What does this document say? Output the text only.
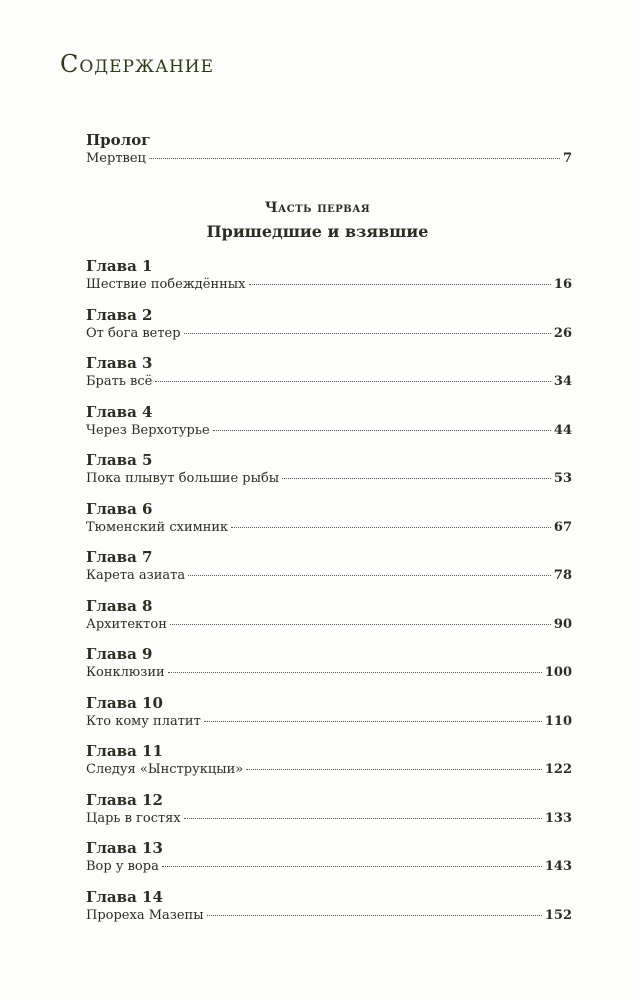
Содержание
Пролог
Мертвец	7
Часть первая
Пришедшие и взявшие
Глава 1
Шествие побеждённых	16
Глава 2
От бога ветер	26
Глава 3
Брать всё	34
Глава 4
Через Верхотурье	44
Глава 5
Пока плывут большие рыбы	53
Глава 6
Тюменский схимник	67
Глава 7
Карета азиата	78
Глава 8
Архитектон	90
Глава 9
Конклюзии	100
Глава 10
Кто кому платит	110
Глава 11
Следуя «Ынструкцыи»	122
Глава 12
Царь в гостях	133
Глава 13
Вор у вора	143
Глава 14
Прореха Мазепы	152
